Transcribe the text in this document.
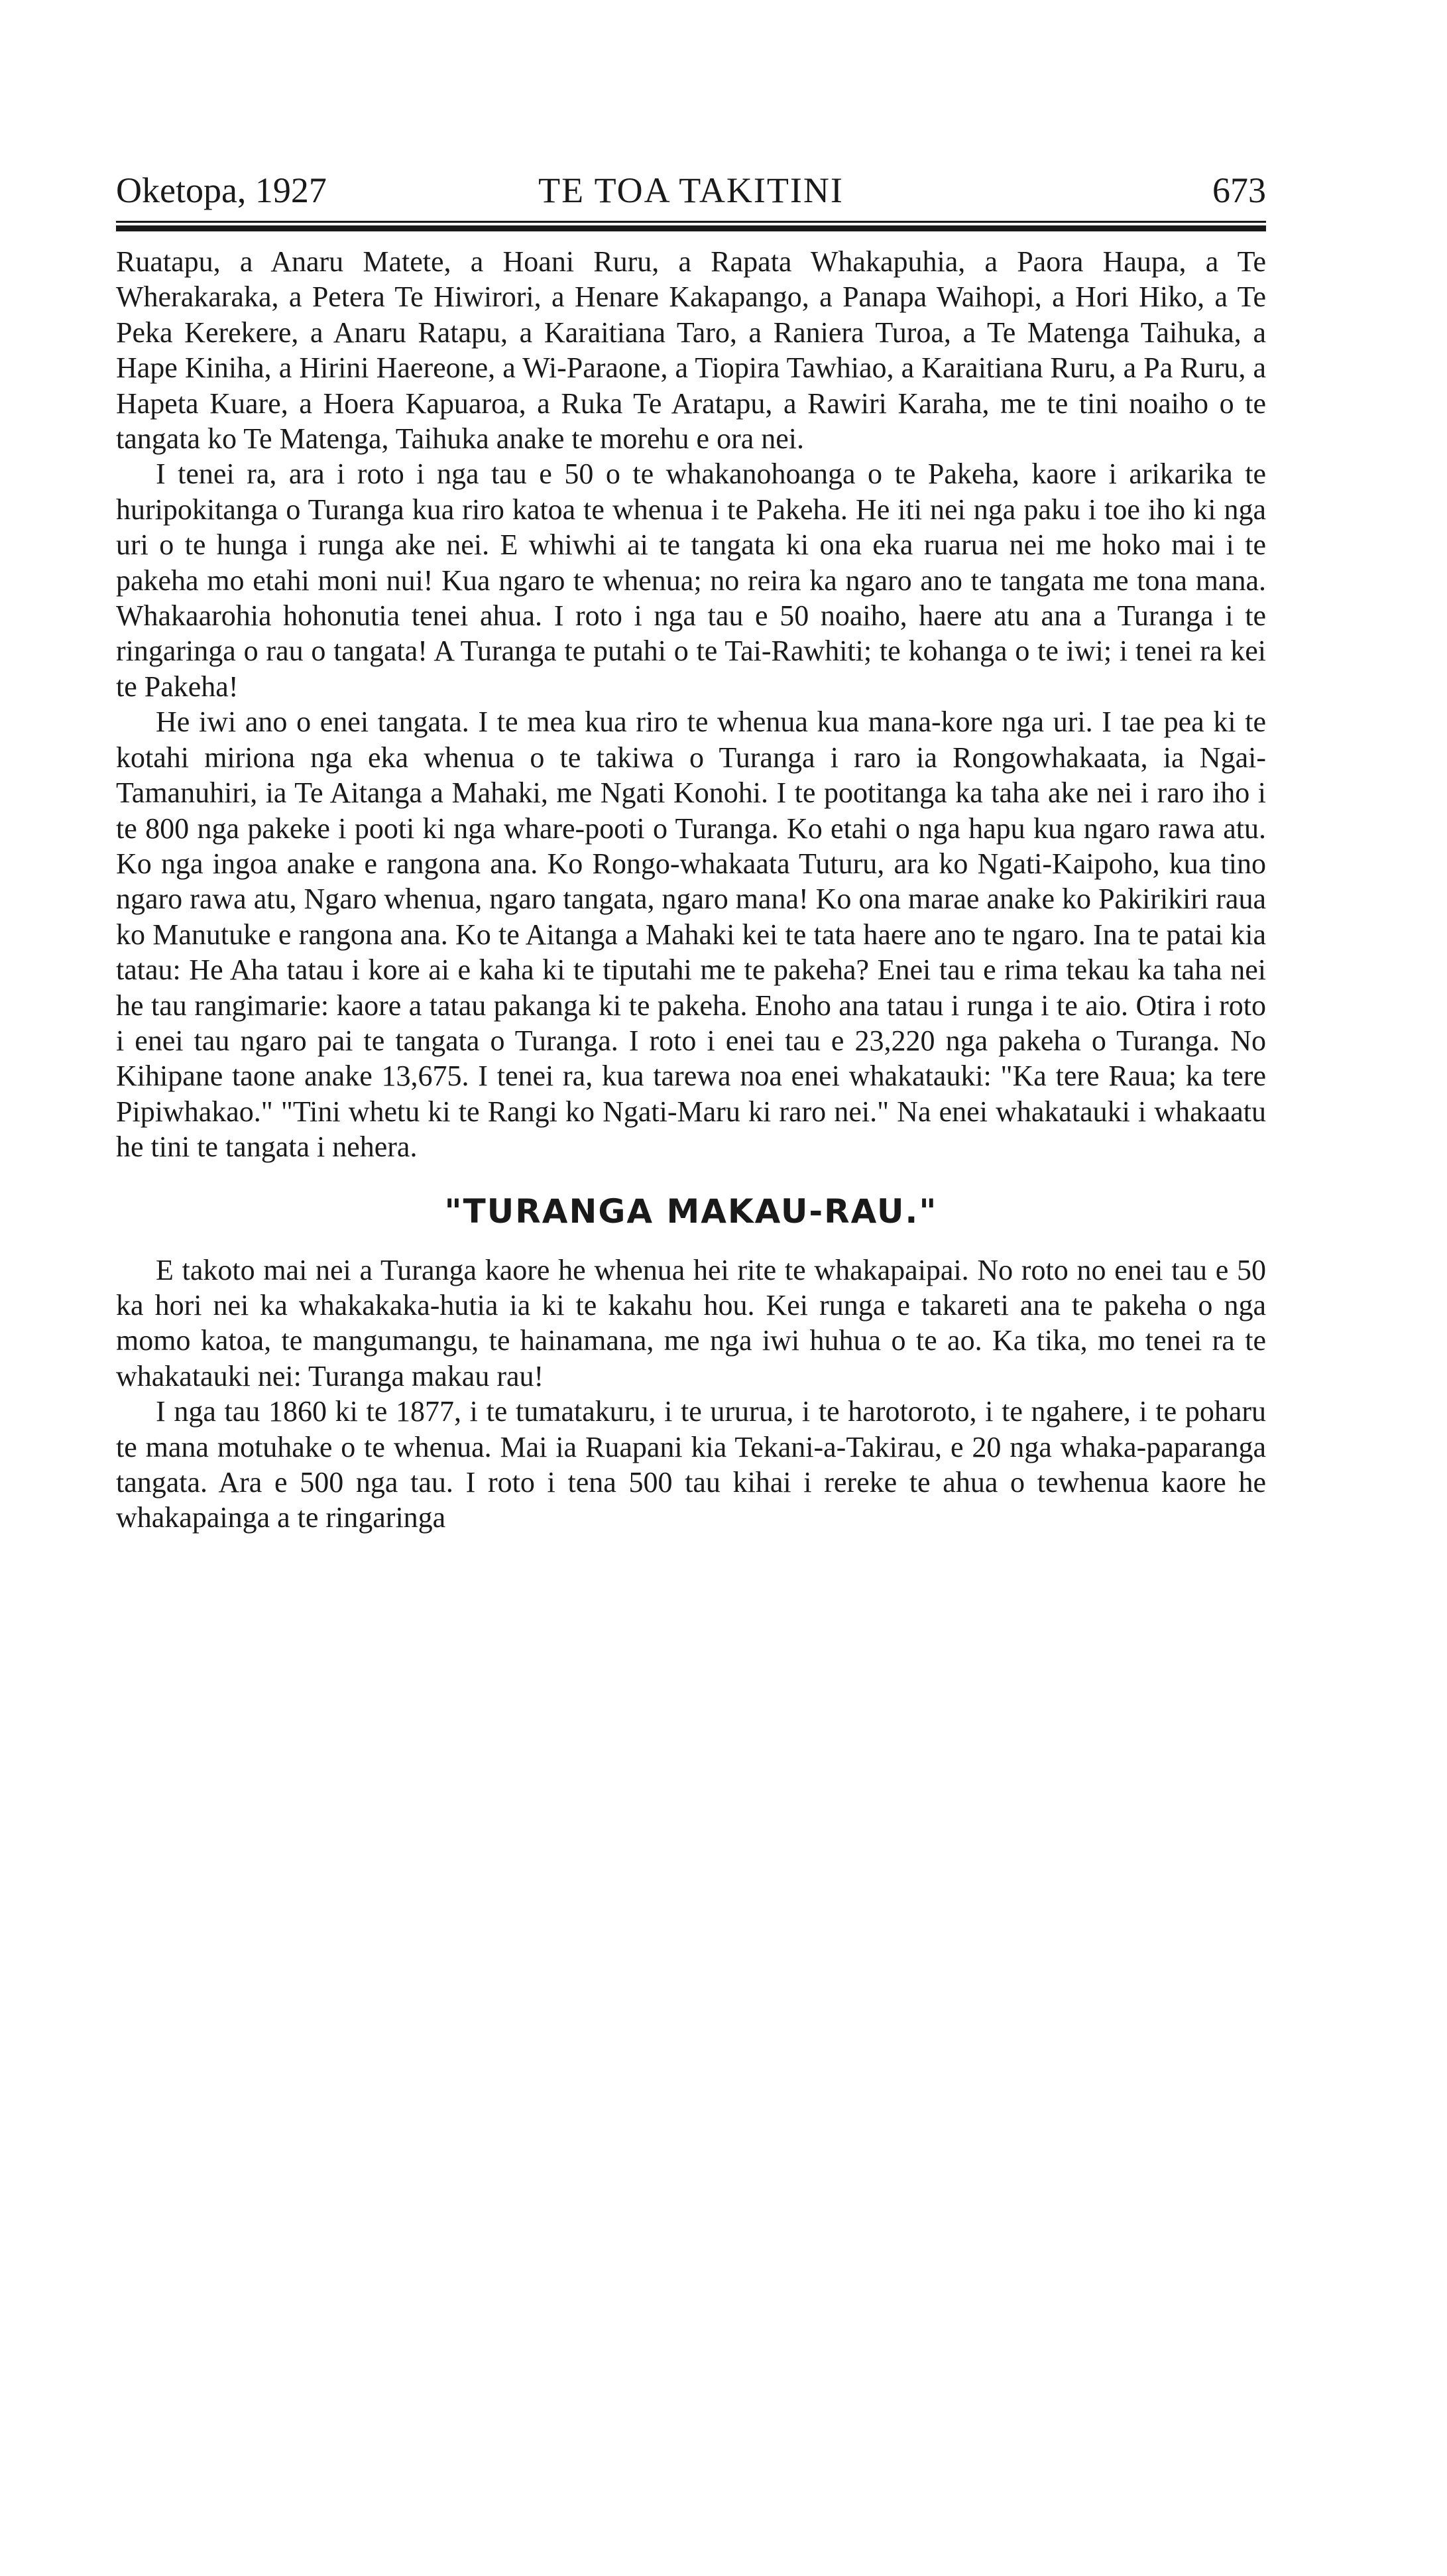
TE TOA TAKITINI
Oketopa, 1927	673

Ruatapu, a Anaru Matete, a Hoani Ruru, a Rapata Whakapuhia, a Paora Haupa, a Te Wherakaraka, a Petera Te Hiwirori, a Henare Kakapango, a Panapa Waihopi, a Hori Hiko, a Te Peka Kerekere, a Anaru Ratapu, a Karaitiana Taro, a Raniera Turoa, a Te Matenga Taihuka, a Hape Kiniha, a Hirini Haereone, a Wi-Paraone, a Tiopira Tawhiao, a Karaitiana Ruru, a Pa Ruru, a Hapeta Kuare, a Hoera Kapuaroa, a Ruka Te Aratapu, a Rawiri Karaha, me te tini noaiho o te tangata ko Te Matenga, Taihuka anake te morehu e ora nei.

I tenei ra, ara i roto i nga tau e 50 o te whakanohoanga o te Pakeha, kaore i arikarika te huripokitanga o Turanga kua riro katoa te whenua i te Pakeha. He iti nei nga paku i toe iho ki nga uri o te hunga i runga ake nei. E whiwhi ai te tangata ki ona eka ruarua nei me hoko mai i te pakeha mo etahi moni nui! Kua ngaro te whenua; no reira ka ngaro ano te tangata me tona mana. Whakaarohia hohonutia tenei ahua. I roto i nga tau e 50 noaiho, haere atu ana a Turanga i te ringaringa o rau o tangata! A Turanga te putahi o te Tai-Rawhiti; te kohanga o te iwi; i tenei ra kei te Pakeha!

He iwi ano o enei tangata. I te mea kua riro te whenua kua mana-kore nga uri. I tae pea ki te kotahi miriona nga eka whenua o te takiwa o Turanga i raro ia Rongowhakaata, ia Ngai-Tamanuhiri, ia Te Aitanga a Mahaki, me Ngati Konohi. I te pootitanga ka taha ake nei i raro iho i te 800 nga pakeke i pooti ki nga whare-pooti o Turanga. Ko etahi o nga hapu kua ngaro rawa atu. Ko nga ingoa anake e rangona ana. Ko Rongo-whakaata Tuturu, ara ko Ngati-Kaipoho, kua tino ngaro rawa atu, Ngaro whenua, ngaro tangata, ngaro mana! Ko ona marae anake ko Pakirikiri raua ko Manutuke e rangona ana. Ko te Aitanga a Mahaki kei te tata haere ano te ngaro. Ina te patai kia tatau: He Aha tatau i kore ai e kaha ki te tiputahi me te pakeha? Enei tau e rima tekau ka taha nei he tau rangimarie: kaore a tatau pakanga ki te pakeha. Enoho ana tatau i runga i te aio. Otira i roto i enei tau ngaro pai te tangata o Turanga. I roto i enei tau e 23,220 nga pakeha o Turanga. No Kihipane taone anake 13,675. I tenei ra, kua tarewa noa enei whakatauki: "Ka tere Raua; ka tere Pipiwhakao." "Tini whetu ki te Rangi ko Ngati-Maru ki raro nei." Na enei whakatauki i whakaatu he tini te tangata i nehera.

"TURANGA MAKAU-RAU."

E takoto mai nei a Turanga kaore he whenua hei rite te whakapaipai. No roto no enei tau e 50 ka hori nei ka whakakaka-hutia ia ki te kakahu hou. Kei runga e takareti ana te pakeha o nga momo katoa, te mangumangu, te hainamana, me nga iwi huhua o te ao. Ka tika, mo tenei ra te whakatauki nei: Turanga makau rau!

I nga tau 1860 ki te 1877, i te tumatakuru, i te ururua, i te harotoroto, i te ngahere, i te poharu te mana motuhake o te whenua. Mai ia Ruapani kia Tekani-a-Takirau, e 20 nga whaka-paparanga tangata. Ara e 500 nga tau. I roto i tena 500 tau kihai i rereke te ahua o tewhenua kaore he whakapainga a te ringaringa
